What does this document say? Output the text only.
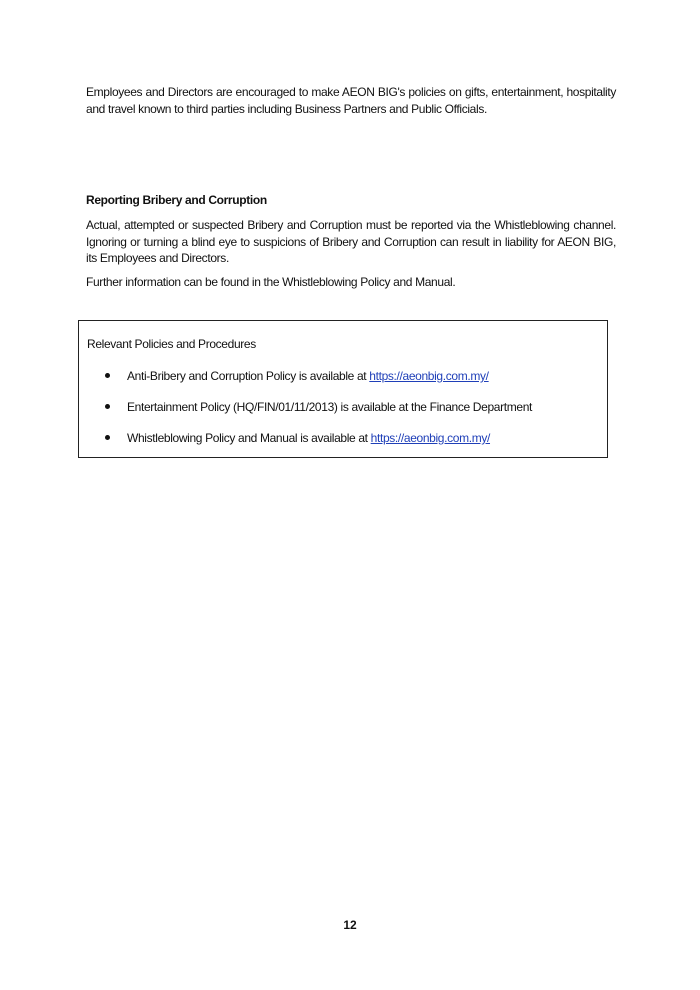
Employees and Directors are encouraged to make AEON BIG's policies on gifts, entertainment, hospitality and travel known to third parties including Business Partners and Public Officials.

Reporting Bribery and Corruption

Actual, attempted or suspected Bribery and Corruption must be reported via the Whistleblowing channel. Ignoring or turning a blind eye to suspicions of Bribery and Corruption can result in liability for AEON BIG, its Employees and Directors.

Further information can be found in the Whistleblowing Policy and Manual.

Relevant Policies and Procedures
Anti-Bribery and Corruption Policy is available at https://aeonbig.com.my/
Entertainment Policy (HQ/FIN/01/11/2013) is available at the Finance Department
Whistleblowing Policy and Manual is available at https://aeonbig.com.my/
12
